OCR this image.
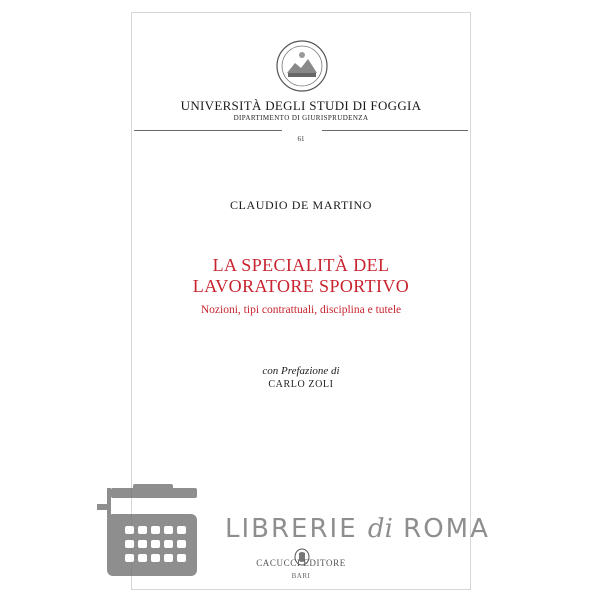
UNIVERSITÀ DEGLI STUDI DI FOGGIA
DIPARTIMENTO DI GIURISPRUDENZA
61
CLAUDIO DE MARTINO
LA SPECIALITÀ DEL
LAVORATORE SPORTIVO
Nozioni, tipi contrattuali, disciplina e tutele
con Prefazione di
CARLO ZOLI
CACUCCI EDITORE
BARI
LIBRERIE di ROMA
